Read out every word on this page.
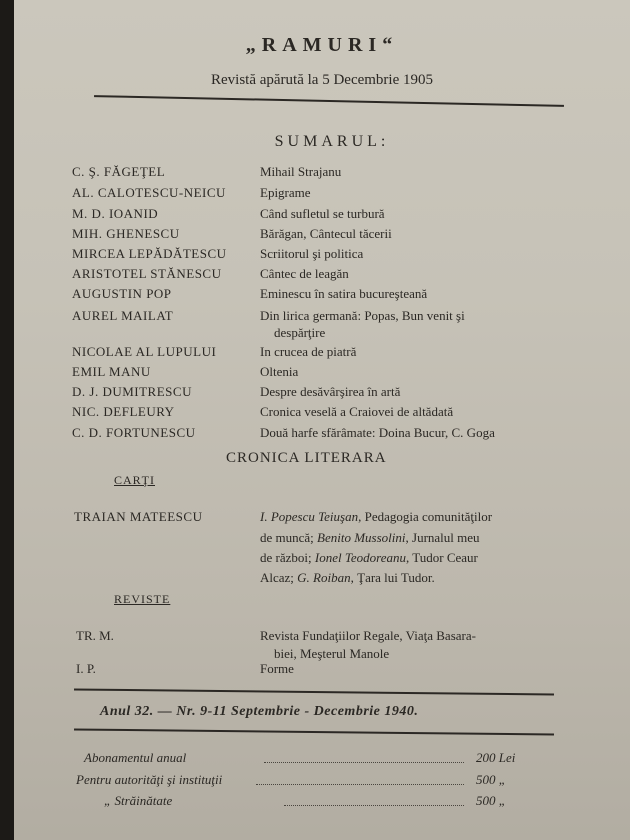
„RAMURI“
Revistă apărută la 5 Decembrie 1905
SUMARUL:
C. Ş. FĂGEŢEL	Mihail Strajanu
AL. CALOTESCU-NEICU	Epigrame
M. D. IOANID	Când sufletul se turbură
MIH. GHENESCU	Bărăgan, Cântecul tăcerii
MIRCEA LEPĂDĂTESCU	Scriitorul şi politica
ARISTOTEL STĂNESCU	Cântec de leagăn
AUGUSTIN POP	Eminescu în satira bucureşteană
AUREL MAILAT	Din lirica germană: Popas, Bun venit şi
despărţire
NICOLAE AL LUPULUI	In crucea de piatră
EMIL MANU	Oltenia
D. J. DUMITRESCU	Despre desăvârşirea în artă
NIC. DEFLEURY	Cronica veselă a Craiovei de altădată
C. D. FORTUNESCU	Două harfe sfărâmate: Doina Bucur, C. Goga
CRONICA LITERARA
CARŢI
TRAIAN MATEESCU	I. Popescu Teiuşan, Pedagogia comunităţilor
de muncă; Benito Mussolini, Jurnalul meu
de război; Ionel Teodoreanu, Tudor Ceaur
Alcaz; G. Roiban, Ţara lui Tudor.
REVISTE
TR. M.	Revista Fundaţiilor Regale, Viaţa Basara-
biei, Meşterul Manole
I. P.	Forme
Anul 32. — Nr. 9-11 Septembrie - Decembrie 1940.
Abonamentul anual	200 Lei
Pentru autorităţi şi instituţii	500 „
„ Străinătate	500 „
